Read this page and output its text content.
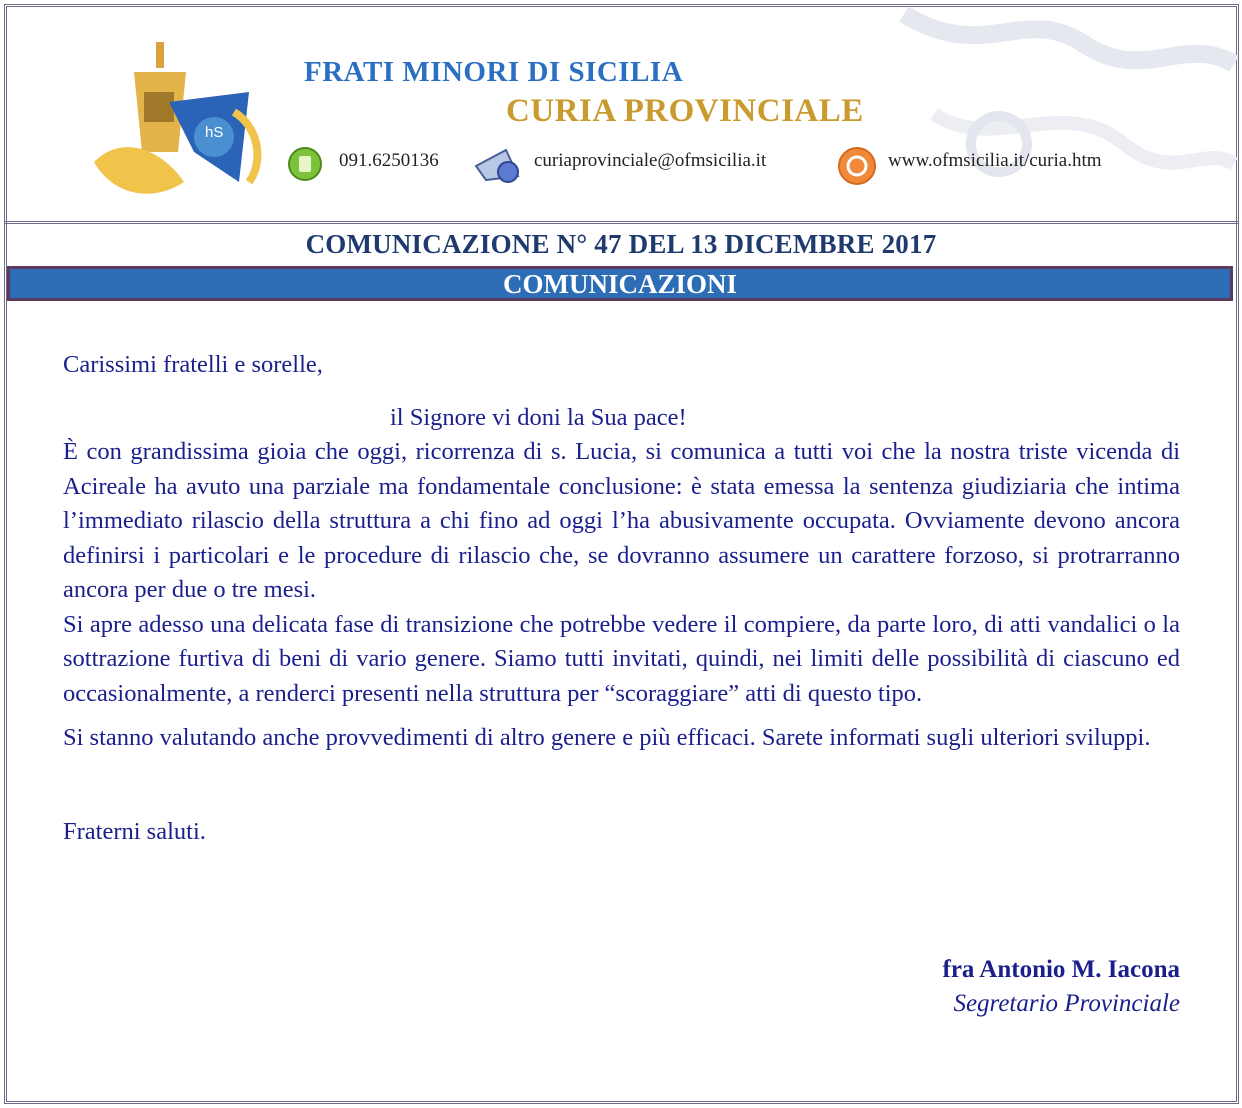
hS
FRATI MINORI DI SICILIA
CURIA PROVINCIALE
091.6250136	curiaprovinciale@ofmsicilia.it	www.ofmsicilia.it/curia.htm
COMUNICAZIONE N° 47 DEL 13 DICEMBRE 2017
COMUNICAZIONI

Carissimi fratelli e sorelle,

il Signore vi doni la Sua pace!

È con grandissima gioia che oggi, ricorrenza di s. Lucia, si comunica a tutti voi che la nostra triste vicenda di Acireale ha avuto una parziale ma fondamentale conclusione: è stata emessa la sentenza giudiziaria che intima l’immediato rilascio della struttura a chi fino ad oggi l’ha abusivamente occupata. Ovviamente devono ancora definirsi i particolari e le procedure di rilascio che, se dovranno assumere un carattere forzoso, si protrarranno ancora per due o tre mesi.

Si apre adesso una delicata fase di transizione che potrebbe vedere il compiere, da parte loro, di atti vandalici o la sottrazione furtiva di beni di vario genere. Siamo tutti invitati, quindi, nei limiti delle possibilità di ciascuno ed occasionalmente, a renderci presenti nella struttura per “scoraggiare” atti di questo tipo.

Si stanno valutando anche provvedimenti di altro genere e più efficaci. Sarete informati sugli ulteriori sviluppi.

Fraterni saluti.

fra Antonio M. Iacona
Segretario Provinciale
